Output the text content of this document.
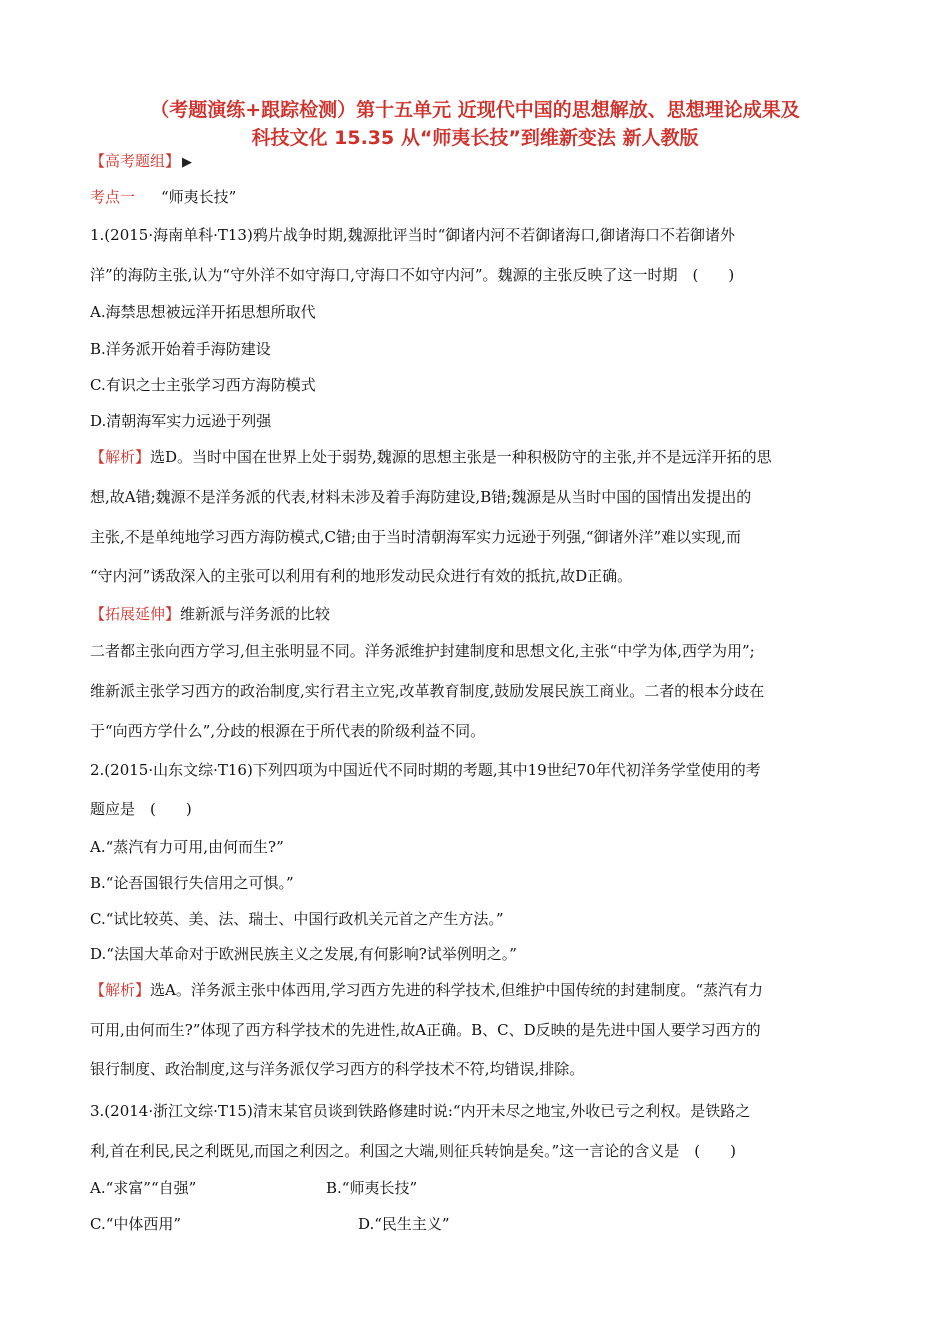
（考题演练+跟踪检测）第十五单元 近现代中国的思想解放、思想理论成果及
科技文化 15.35 从“师夷长技”到维新变法 新人教版
【高考题组】 ▶
考点一 “师夷长技”
1.(2015·海南单科·T13)鸦片战争时期,魏源批评当时“御诸内河不若御诸海口,御诸海口不若御诸外
洋”的海防主张,认为“守外洋不如守海口,守海口不如守内河”。魏源的主张反映了这一时期　(　　)
A.海禁思想被远洋开拓思想所取代
B.洋务派开始着手海防建设
C.有识之士主张学习西方海防模式
D.清朝海军实力远逊于列强
【解析】选D。当时中国在世界上处于弱势,魏源的思想主张是一种积极防守的主张,并不是远洋开拓的思
想,故A错;魏源不是洋务派的代表,材料未涉及着手海防建设,B错;魏源是从当时中国的国情出发提出的
主张,不是单纯地学习西方海防模式,C错;由于当时清朝海军实力远逊于列强,“御诸外洋”难以实现,而
“守内河”诱敌深入的主张可以利用有利的地形发动民众进行有效的抵抗,故D正确。
【拓展延伸】维新派与洋务派的比较
二者都主张向西方学习,但主张明显不同。洋务派维护封建制度和思想文化,主张“中学为体,西学为用”;
维新派主张学习西方的政治制度,实行君主立宪,改革教育制度,鼓励发展民族工商业。二者的根本分歧在
于“向西方学什么”,分歧的根源在于所代表的阶级利益不同。
2.(2015·山东文综·T16)下列四项为中国近代不同时期的考题,其中19世纪70年代初洋务学堂使用的考
题应是　(　　)
A.“蒸汽有力可用,由何而生?”
B.“论吾国银行失信用之可惧。”
C.“试比较英、美、法、瑞士、中国行政机关元首之产生方法。”
D.“法国大革命对于欧洲民族主义之发展,有何影响?试举例明之。”
【解析】选A。洋务派主张中体西用,学习西方先进的科学技术,但维护中国传统的封建制度。“蒸汽有力
可用,由何而生?”体现了西方科学技术的先进性,故A正确。B、C、D反映的是先进中国人要学习西方的
银行制度、政治制度,这与洋务派仅学习西方的科学技术不符,均错误,排除。
3.(2014·浙江文综·T15)清末某官员谈到铁路修建时说:“内开未尽之地宝,外收已亏之利权。是铁路之
利,首在利民,民之利既见,而国之利因之。利国之大端,则征兵转饷是矣。”这一言论的含义是　(　　)
A.“求富”“自强”	B.“师夷长技”
C.“中体西用”	D.“民生主义”
